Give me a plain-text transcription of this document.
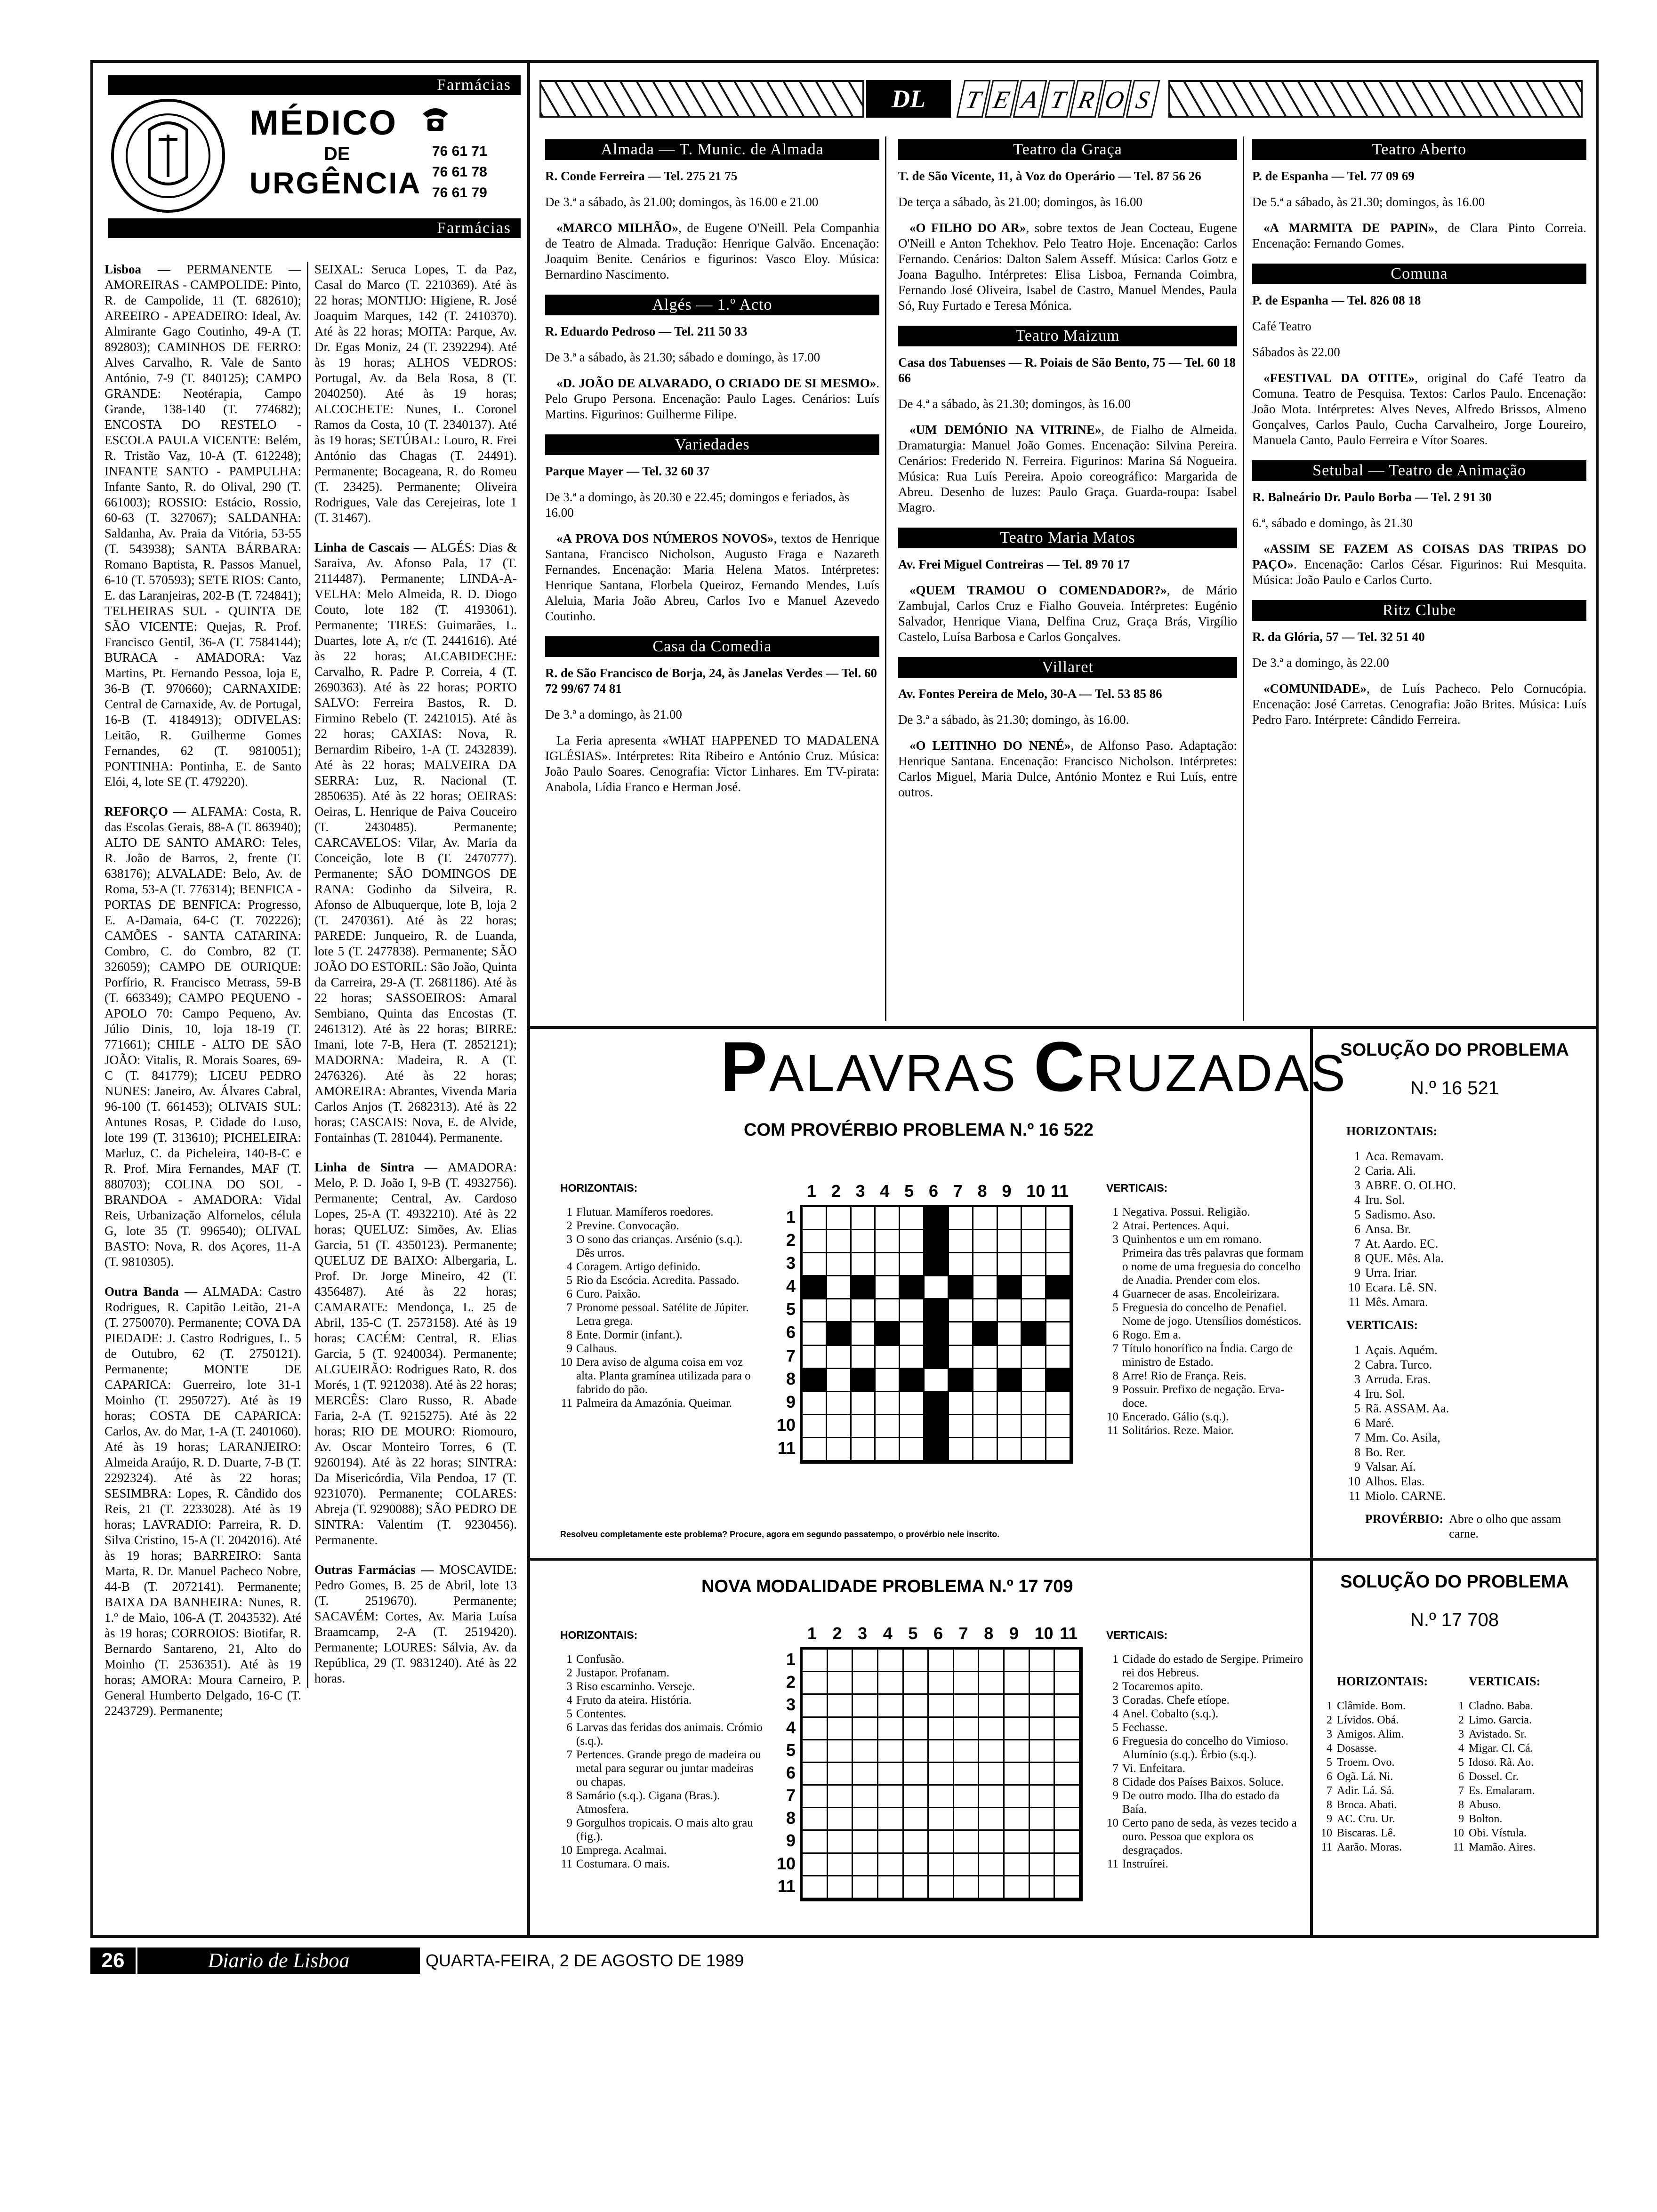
Farmácias
MÉDICO
DE
URGÊNCIA
76 61 71
76 61 78
76 61 79
Farmácias

Lisboa — PERMANENTE — AMOREIRAS - CAMPOLIDE: Pinto, R. de Campolide, 11 (T. 682610); AREEIRO - APEADEIRO: Ideal, Av. Almirante Gago Coutinho, 49-A (T. 892803); CAMINHOS DE FERRO: Alves Carvalho, R. Vale de Santo António, 7-9 (T. 840125); CAMPO GRANDE: Neotérapia, Campo Grande, 138-140 (T. 774682); ENCOSTA DO RESTELO - ESCOLA PAULA VICENTE: Belém, R. Tristão Vaz, 10-A (T. 612248); INFANTE SANTO - PAMPULHA: Infante Santo, R. do Olival, 290 (T. 661003); ROSSIO: Estácio, Rossio, 60-63 (T. 327067); SALDANHA: Saldanha, Av. Praia da Vitória, 53-55 (T. 543938); SANTA BÁRBARA: Romano Baptista, R. Passos Manuel, 6-10 (T. 570593); SETE RIOS: Canto, E. das Laranjeiras, 202-B (T. 724841); TELHEIRAS SUL - QUINTA DE SÃO VICENTE: Quejas, R. Prof. Francisco Gentil, 36-A (T. 7584144); BURACA - AMADORA: Vaz Martins, Pt. Fernando Pessoa, loja E, 36-B (T. 970660); CARNAXIDE: Central de Carnaxide, Av. de Portugal, 16-B (T. 4184913); ODIVELAS: Leitão, R. Guilherme Gomes Fernandes, 62 (T. 9810051); PONTINHA: Pontinha, E. de Santo Elói, 4, lote SE (T. 479220).

REFORÇO — ALFAMA: Costa, R. das Escolas Gerais, 88-A (T. 863940); ALTO DE SANTO AMARO: Teles, R. João de Barros, 2, frente (T. 638176); ALVALADE: Belo, Av. de Roma, 53-A (T. 776314); BENFICA - PORTAS DE BENFICA: Progresso, E. A-Damaia, 64-C (T. 702226); CAMÕES - SANTA CATARINA: Combro, C. do Combro, 82 (T. 326059); CAMPO DE OURIQUE: Porfírio, R. Francisco Metrass, 59-B (T. 663349); CAMPO PEQUENO - APOLO 70: Campo Pequeno, Av. Júlio Dinis, 10, loja 18-19 (T. 771661); CHILE - ALTO DE SÃO JOÃO: Vitalis, R. Morais Soares, 69-C (T. 841779); LICEU PEDRO NUNES: Janeiro, Av. Álvares Cabral, 96-100 (T. 661453); OLIVAIS SUL: Antunes Rosas, P. Cidade do Luso, lote 199 (T. 313610); PICHELEIRA: Marluz, C. da Picheleira, 140-B-C e R. Prof. Mira Fernandes, MAF (T. 880703); COLINA DO SOL - BRANDOA - AMADORA: Vidal Reis, Urbanização Alfornelos, célula G, lote 35 (T. 996540); OLIVAL BASTO: Nova, R. dos Açores, 11-A (T. 9810305).

Outra Banda — ALMADA: Castro Rodrigues, R. Capitão Leitão, 21-A (T. 2750070). Permanente; COVA DA PIEDADE: J. Castro Rodrigues, L. 5 de Outubro, 62 (T. 2750121). Permanente; MONTE DE CAPARICA: Guerreiro, lote 31-1 Moinho (T. 2950727). Até às 19 horas; COSTA DE CAPARICA: Carlos, Av. do Mar, 1-A (T. 2401060). Até às 19 horas; LARANJEIRO: Almeida Araújo, R. D. Duarte, 7-B (T. 2292324). Até às 22 horas; SESIMBRA: Lopes, R. Cândido dos Reis, 21 (T. 2233028). Até às 19 horas; LAVRADIO: Parreira, R. D. Silva Cristino, 15-A (T. 2042016). Até às 19 horas; BARREIRO: Santa Marta, R. Dr. Manuel Pacheco Nobre, 44-B (T. 2072141). Permanente; BAIXA DA BANHEIRA: Nunes, R. 1.º de Maio, 106-A (T. 2043532). Até às 19 horas; CORROIOS: Biotifar, R. Bernardo Santareno, 21, Alto do Moinho (T. 2536351). Até às 19 horas; AMORA: Moura Carneiro, P. General Humberto Delgado, 16-C (T. 2243729). Permanente;

SEIXAL: Seruca Lopes, T. da Paz, Casal do Marco (T. 2210369). Até às 22 horas; MONTIJO: Higiene, R. José Joaquim Marques, 142 (T. 2410370). Até às 22 horas; MOITA: Parque, Av. Dr. Egas Moniz, 24 (T. 2392294). Até às 19 horas; ALHOS VEDROS: Portugal, Av. da Bela Rosa, 8 (T. 2040250). Até às 19 horas; ALCOCHETE: Nunes, L. Coronel Ramos da Costa, 10 (T. 2340137). Até às 19 horas; SETÚBAL: Louro, R. Frei António das Chagas (T. 24491). Permanente; Bocageana, R. do Romeu (T. 23425). Permanente; Oliveira Rodrigues, Vale das Cerejeiras, lote 1 (T. 31467).

Linha de Cascais — ALGÉS: Dias & Saraiva, Av. Afonso Pala, 17 (T. 2114487). Permanente; LINDA-A-VELHA: Melo Almeida, R. D. Diogo Couto, lote 182 (T. 4193061). Permanente; TIRES: Guimarães, L. Duartes, lote A, r/c (T. 2441616). Até às 22 horas; ALCABIDECHE: Carvalho, R. Padre P. Correia, 4 (T. 2690363). Até às 22 horas; PORTO SALVO: Ferreira Bastos, R. D. Firmino Rebelo (T. 2421015). Até às 22 horas; CAXIAS: Nova, R. Bernardim Ribeiro, 1-A (T. 2432839). Até às 22 horas; MALVEIRA DA SERRA: Luz, R. Nacional (T. 2850635). Até às 22 horas; OEIRAS: Oeiras, L. Henrique de Paiva Couceiro (T. 2430485). Permanente; CARCAVELOS: Vilar, Av. Maria da Conceição, lote B (T. 2470777). Permanente; SÃO DOMINGOS DE RANA: Godinho da Silveira, R. Afonso de Albuquerque, lote B, loja 2 (T. 2470361). Até às 22 horas; PAREDE: Junqueiro, R. de Luanda, lote 5 (T. 2477838). Permanente; SÃO JOÃO DO ESTORIL: São João, Quinta da Carreira, 29-A (T. 2681186). Até às 22 horas; SASSOEIROS: Amaral Sembiano, Quinta das Encostas (T. 2461312). Até às 22 horas; BIRRE: Imani, lote 7-B, Hera (T. 2852121); MADORNA: Madeira, R. A (T. 2476326). Até às 22 horas; AMOREIRA: Abrantes, Vivenda Maria Carlos Anjos (T. 2682313). Até às 22 horas; CASCAIS: Nova, E. de Alvide, Fontainhas (T. 281044). Permanente.

Linha de Sintra — AMADORA: Melo, P. D. João I, 9-B (T. 4932756). Permanente; Central, Av. Cardoso Lopes, 25-A (T. 4932210). Até às 22 horas; QUELUZ: Simões, Av. Elias Garcia, 51 (T. 4350123). Permanente; QUELUZ DE BAIXO: Albergaria, L. Prof. Dr. Jorge Mineiro, 42 (T. 4356487). Até às 22 horas; CAMARATE: Mendonça, L. 25 de Abril, 135-C (T. 2573158). Até às 19 horas; CACÉM: Central, R. Elias Garcia, 5 (T. 9240034). Permanente; ALGUEIRÃO: Rodrigues Rato, R. dos Morés, 1 (T. 9212038). Até às 22 horas; MERCÊS: Claro Russo, R. Abade Faria, 2-A (T. 9215275). Até às 22 horas; RIO DE MOURO: Riomouro, Av. Oscar Monteiro Torres, 6 (T. 9260194). Até às 22 horas; SINTRA: Da Misericórdia, Vila Pendoa, 17 (T. 9231070). Permanente; COLARES: Abreja (T. 9290088); SÃO PEDRO DE SINTRA: Valentim (T. 9230456). Permanente.

Outras Farmácias — MOSCAVIDE: Pedro Gomes, B. 25 de Abril, lote 13 (T. 2519670). Permanente; SACAVÉM: Cortes, Av. Maria Luísa Braamcamp, 2-A (T. 2519420). Permanente; LOURES: Sálvia, Av. da República, 29 (T. 9831240). Até às 22 horas.

DL	T E A T R O S
Almada — T. Munic. de Almada
R. Conde Ferreira — Tel. 275 21 75
De 3.ª a sábado, às 21.00; domingos, às 16.00 e 21.00

«MARCO MILHÃO», de Eugene O'Neill. Pela Companhia de Teatro de Almada. Tradução: Henrique Galvão. Encenação: Joaquim Benite. Cenários e figurinos: Vasco Eloy. Música: Bernardino Nascimento.

Algés — 1.º Acto
R. Eduardo Pedroso — Tel. 211 50 33
De 3.ª a sábado, às 21.30; sábado e domingo, às 17.00

«D. JOÃO DE ALVARADO, O CRIADO DE SI MESMO». Pelo Grupo Persona. Encenação: Paulo Lages. Cenários: Luís Martins. Figurinos: Guilherme Filipe.

Variedades
Parque Mayer — Tel. 32 60 37
De 3.ª a domingo, às 20.30 e 22.45; domingos e feriados, às 16.00

«A PROVA DOS NÚMEROS NOVOS», textos de Henrique Santana, Francisco Nicholson, Augusto Fraga e Nazareth Fernandes. Encenação: Maria Helena Matos. Intérpretes: Henrique Santana, Florbela Queiroz, Fernando Mendes, Luís Aleluia, Maria João Abreu, Carlos Ivo e Manuel Azevedo Coutinho.

Casa da Comedia
R. de São Francisco de Borja, 24, às Janelas Verdes — Tel. 60 72 99/67 74 81
De 3.ª a domingo, às 21.00

La Feria apresenta «WHAT HAPPENED TO MADALENA IGLÉSIAS». Intérpretes: Rita Ribeiro e António Cruz. Música: João Paulo Soares. Cenografia: Victor Linhares. Em TV-pirata: Anabola, Lídia Franco e Herman José.

Teatro da Graça
T. de São Vicente, 11, à Voz do Operário — Tel. 87 56 26
De terça a sábado, às 21.00; domingos, às 16.00

«O FILHO DO AR», sobre textos de Jean Cocteau, Eugene O'Neill e Anton Tchekhov. Pelo Teatro Hoje. Encenação: Carlos Fernando. Cenários: Dalton Salem Asseff. Música: Carlos Gotz e Joana Bagulho. Intérpretes: Elisa Lisboa, Fernanda Coimbra, Fernando José Oliveira, Isabel de Castro, Manuel Mendes, Paula Só, Ruy Furtado e Teresa Mónica.

Teatro Maizum
Casa dos Tabuenses — R. Poiais de São Bento, 75 — Tel. 60 18 66
De 4.ª a sábado, às 21.30; domingos, às 16.00

«UM DEMÓNIO NA VITRINE», de Fialho de Almeida. Dramaturgia: Manuel João Gomes. Encenação: Silvina Pereira. Cenários: Frederido N. Ferreira. Figurinos: Marina Sá Nogueira. Música: Rua Luís Pereira. Apoio coreográfico: Margarida de Abreu. Desenho de luzes: Paulo Graça. Guarda-roupa: Isabel Magro.

Teatro Maria Matos
Av. Frei Miguel Contreiras — Tel. 89 70 17

«QUEM TRAMOU O COMENDADOR?», de Mário Zambujal, Carlos Cruz e Fialho Gouveia. Intérpretes: Eugénio Salvador, Henrique Viana, Delfina Cruz, Graça Brás, Virgílio Castelo, Luísa Barbosa e Carlos Gonçalves.

Villaret
Av. Fontes Pereira de Melo, 30-A — Tel. 53 85 86
De 3.ª a sábado, às 21.30; domingo, às 16.00.

«O LEITINHO DO NENÉ», de Alfonso Paso. Adaptação: Henrique Santana. Encenação: Francisco Nicholson. Intérpretes: Carlos Miguel, Maria Dulce, António Montez e Rui Luís, entre outros.

Teatro Aberto
P. de Espanha — Tel. 77 09 69
De 5.ª a sábado, às 21.30; domingos, às 16.00

«A MARMITA DE PAPIN», de Clara Pinto Correia. Encenação: Fernando Gomes.

Comuna
P. de Espanha — Tel. 826 08 18
Café Teatro
Sábados às 22.00

«FESTIVAL DA OTITE», original do Café Teatro da Comuna. Teatro de Pesquisa. Textos: Carlos Paulo. Encenação: João Mota. Intérpretes: Alves Neves, Alfredo Brissos, Almeno Gonçalves, Carlos Paulo, Cucha Carvalheiro, Jorge Loureiro, Manuela Canto, Paulo Ferreira e Vítor Soares.

Setubal — Teatro de Animação
R. Balneário Dr. Paulo Borba — Tel. 2 91 30
6.ª, sábado e domingo, às 21.30

«ASSIM SE FAZEM AS COISAS DAS TRIPAS DO PAÇO». Encenação: Carlos César. Figurinos: Rui Mesquita. Música: João Paulo e Carlos Curto.

Ritz Clube
R. da Glória, 57 — Tel. 32 51 40
De 3.ª a domingo, às 22.00

«COMUNIDADE», de Luís Pacheco. Pelo Cornucópia. Encenação: José Carretas. Cenografia: João Brites. Música: Luís Pedro Faro. Intérprete: Cândido Ferreira.

PALAVRAS CRUZADAS
COM PROVÉRBIO PROBLEMA N.º 16 522
HORIZONTAIS:
1 Flutuar. Mamíferos roedores.
2 Previne. Convocação.
3 O sono das crianças. Arsénio (s.q.). Dês urros.
4 Coragem. Artigo definido.
5 Rio da Escócia. Acredita. Passado.
6 Curo. Paixão.
7 Pronome pessoal. Satélite de Júpiter. Letra grega.
8 Ente. Dormir (infant.).
9 Calhaus.
10 Dera aviso de alguma coisa em voz alta. Planta gramínea utilizada para o fabrido do pão.
11 Palmeira da Amazónia. Queimar.
1 2 3 4 5 6 7 8 9 10 11
1
2
3
4
5
6
7
8
9
10
11
VERTICAIS:
1 Negativa. Possui. Religião.
2 Atrai. Pertences. Aqui.
3 Quinhentos e um em romano. Primeira das três palavras que formam o nome de uma freguesia do concelho de Anadia. Prender com elos.
4 Guarnecer de asas. Encoleirizara.
5 Freguesia do concelho de Penafiel. Nome de jogo. Utensílios domésticos.
6 Rogo. Em a.
7 Título honorífico na Índia. Cargo de ministro de Estado.
8 Arre! Rio de França. Reis.
9 Possuir. Prefixo de negação. Erva-doce.
10 Encerado. Gálio (s.q.).
11 Solitários. Reze. Maior.
Resolveu completamente este problema? Procure, agora em segundo passatempo, o provérbio nele inscrito.
SOLUÇÃO DO PROBLEMA
N.º 16 521
HORIZONTAIS:
1 Aca. Remavam.
2 Caria. Ali.
3 ABRE. O. OLHO.
4 Iru. Sol.
5 Sadismo. Aso.
6 Ansa. Br.
7 At. Aardo. EC.
8 QUE. Mês. Ala.
9 Urra. Iriar.
10 Ecara. Lê. SN.
11 Mês. Amara.
VERTICAIS:
1 Açais. Aquém.
2 Cabra. Turco.
3 Arruda. Eras.
4 Iru. Sol.
5 Rã. ASSAM. Aa.
6 Maré.
7 Mm. Co. Asila,
8 Bo. Rer.
9 Valsar. Aí.
10 Alhos. Elas.
11 Miolo. CARNE.
PROVÉRBIO: Abre o olho que assam carne.
NOVA MODALIDADE PROBLEMA N.º 17 709
HORIZONTAIS:
1 Confusão.
2 Justapor. Profanam.
3 Riso escarninho. Verseje.
4 Fruto da ateira. História.
5 Contentes.
6 Larvas das feridas dos animais. Crómio (s.q.).
7 Pertences. Grande prego de madeira ou metal para segurar ou juntar madeiras ou chapas.
8 Samário (s.q.). Cigana (Bras.). Atmosfera.
9 Gorgulhos tropicais. O mais alto grau (fig.).
10 Emprega. Acalmai.
11 Costumara. O mais.
1 2 3 4 5 6 7 8 9 10 11
1
2
3
4
5
6
7
8
9
10
11
VERTICAIS:
1 Cidade do estado de Sergipe. Primeiro rei dos Hebreus.
2 Tocaremos apito.
3 Coradas. Chefe etíope.
4 Anel. Cobalto (s.q.).
5 Fechasse.
6 Freguesia do concelho do Vimioso. Alumínio (s.q.). Érbio (s.q.).
7 Vi. Enfeitara.
8 Cidade dos Países Baixos. Soluce.
9 De outro modo. Ilha do estado da Baía.
10 Certo pano de seda, às vezes tecido a ouro. Pessoa que explora os desgraçados.
11 Instruírei.
SOLUÇÃO DO PROBLEMA
N.º 17 708
HORIZONTAIS:
1 Clâmide. Bom.
2 Lívidos. Obá.
3 Amigos. Alim.
4 Dosasse.
5 Troem. Ovo.
6 Ogã. Lá. Ni.
7 Adir. Lá. Sá.
8 Broca. Abati.
9 AC. Cru. Ur.
10 Biscaras. Lê.
11 Aarão. Moras.
VERTICAIS:
1 Cladno. Baba.
2 Limo. Garcia.
3 Avistado. Sr.
4 Migar. Cl. Cá.
5 Idoso. Rã. Ao.
6 Dossel. Cr.
7 Es. Emalaram.
8 Abuso.
9 Bolton.
10 Obi. Vístula.
11 Mamão. Aires.
26	Diario de Lisboa	QUARTA-FEIRA, 2 DE AGOSTO DE 1989
